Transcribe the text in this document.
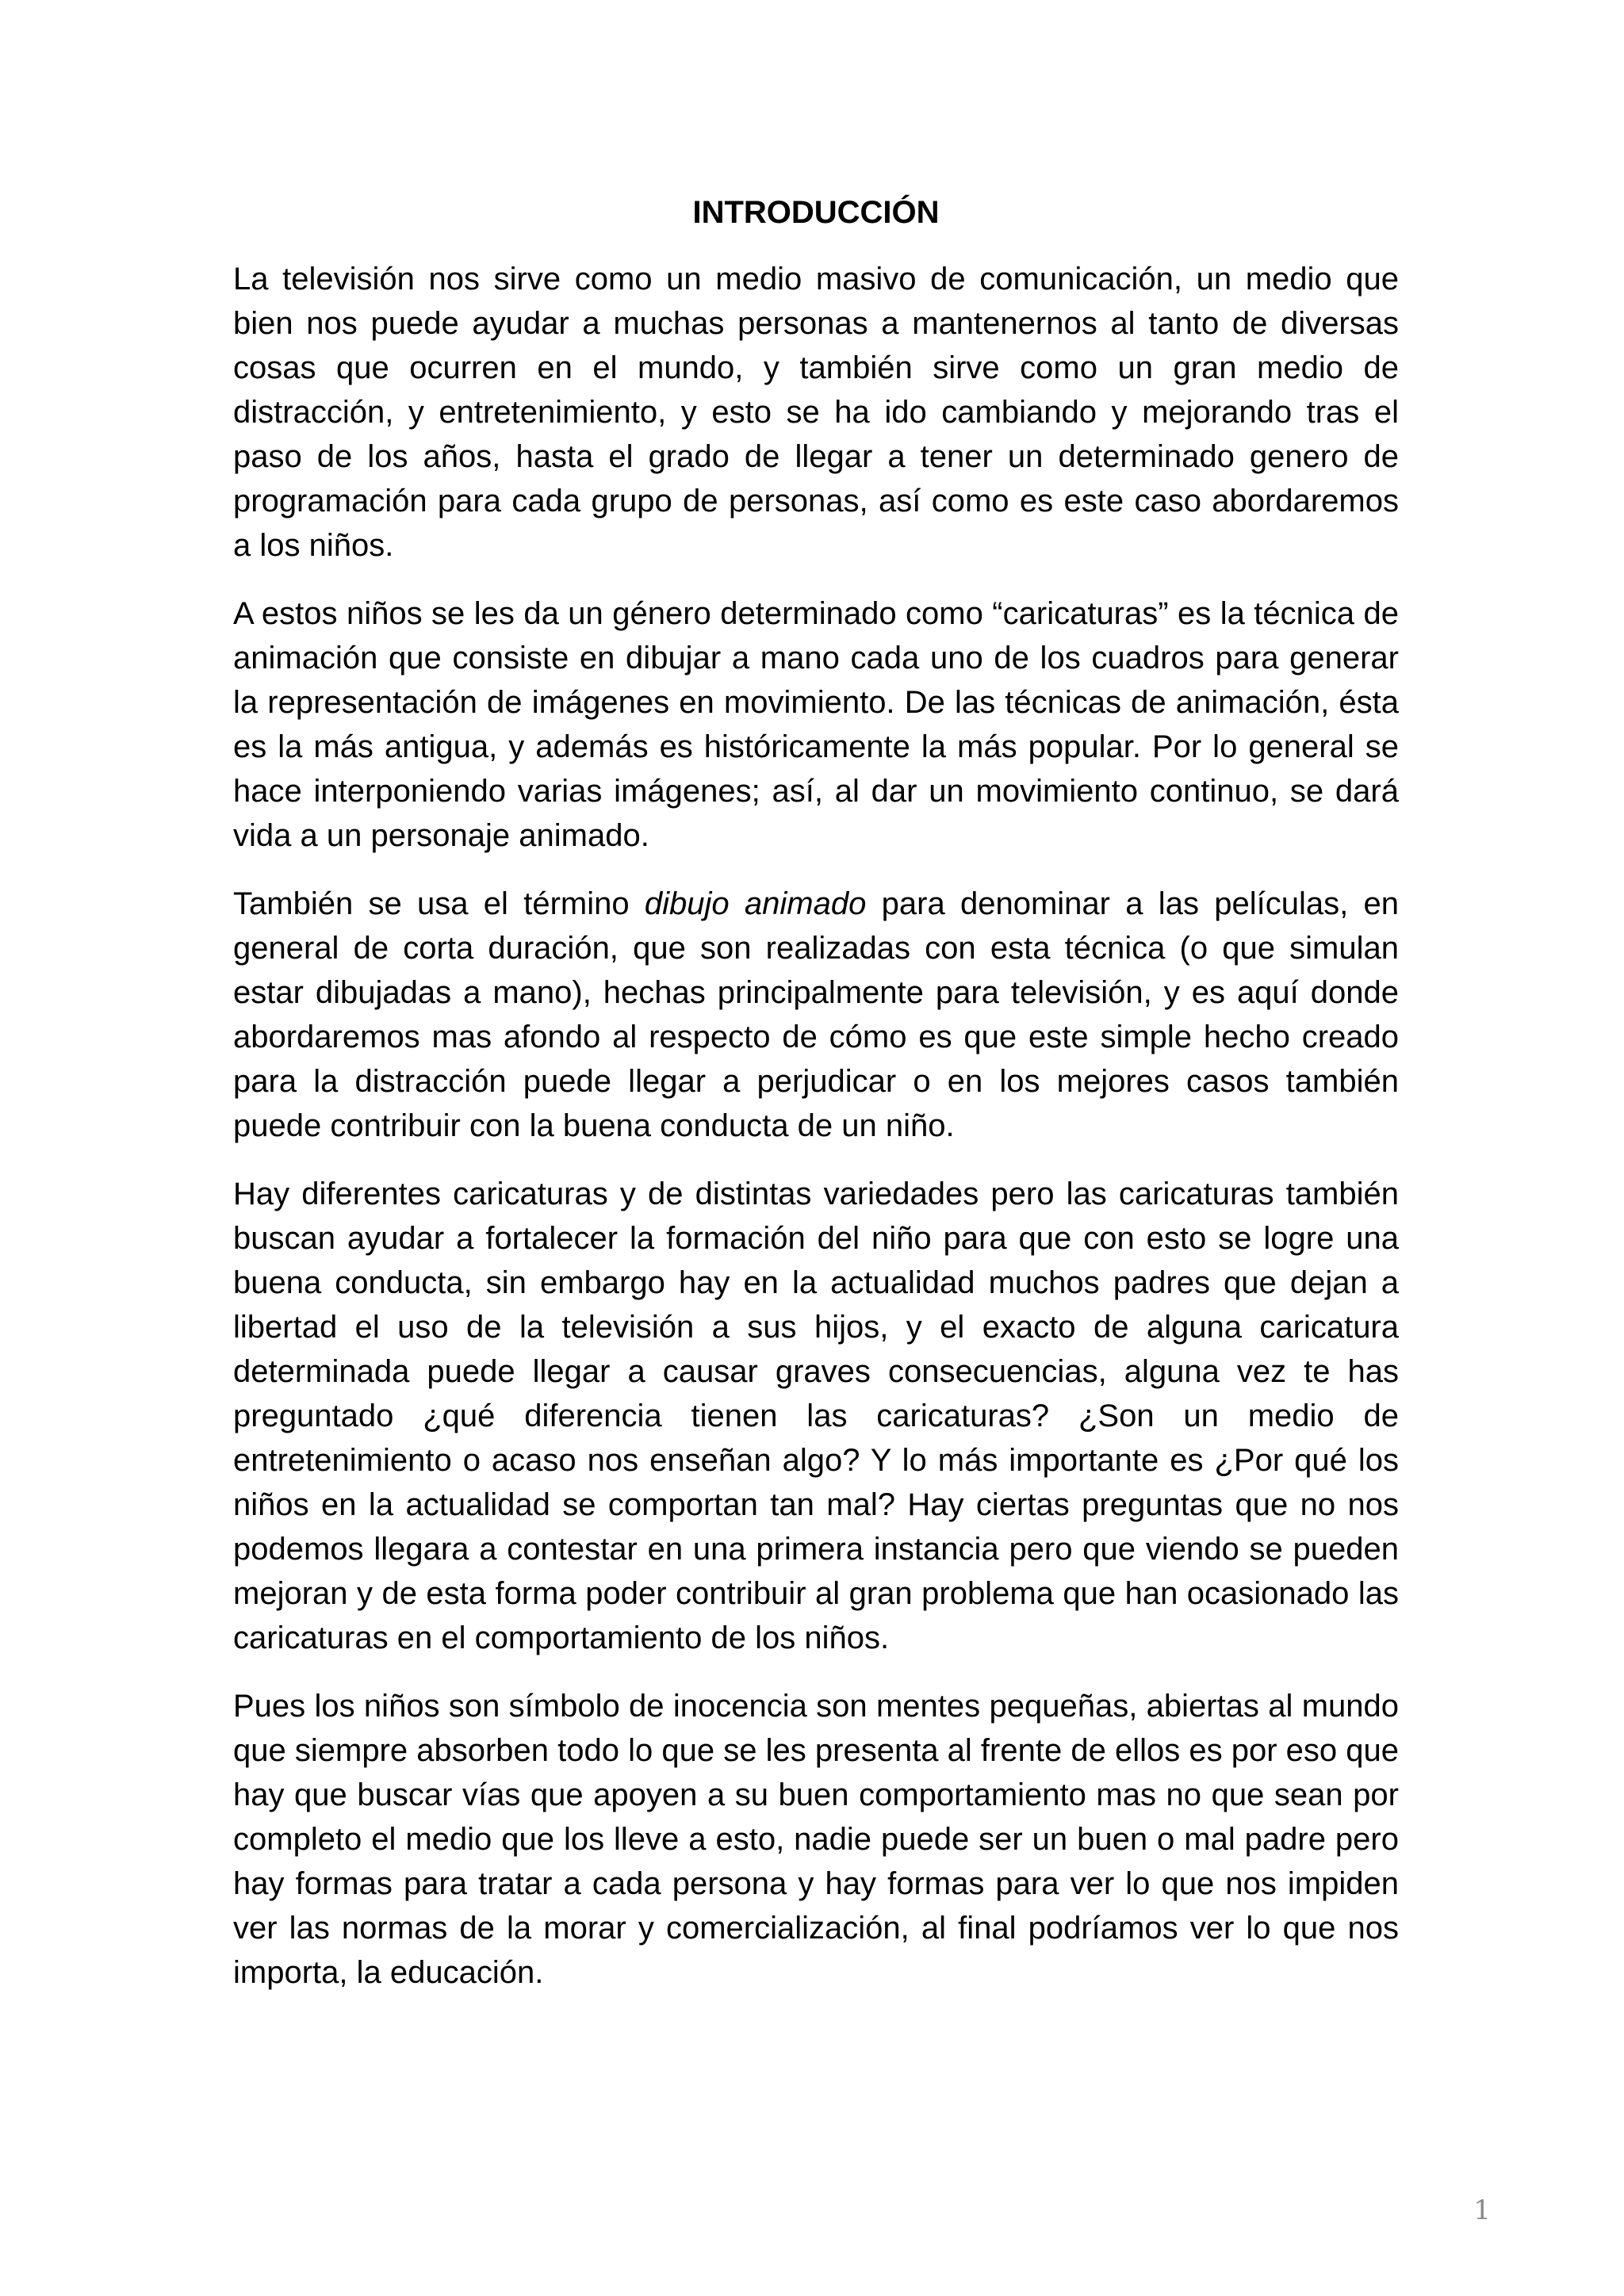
INTRODUCCIÓN

La televisión nos sirve como un medio masivo de comunicación, un medio que bien nos puede ayudar a muchas personas a mantenernos al tanto de diversas cosas que ocurren en el mundo, y también sirve como un gran medio de distracción, y entretenimiento, y esto se ha ido cambiando y mejorando tras el paso de los años, hasta el grado de llegar a tener un determinado genero de programación para cada grupo de personas, así como es este caso abordaremos a los niños.

A estos niños se les da un género determinado como “caricaturas” es la técnica de animación que consiste en dibujar a mano cada uno de los cuadros para generar la representación de imágenes en movimiento. De las técnicas de animación, ésta es la más antigua, y además es históricamente la más popular. Por lo general se hace interponiendo varias imágenes; así, al dar un movimiento continuo, se dará vida a un personaje animado.

También se usa el término dibujo animado para denominar a las películas, en general de corta duración, que son realizadas con esta técnica (o que simulan estar dibujadas a mano), hechas principalmente para televisión, y es aquí donde abordaremos mas afondo al respecto de cómo es que este simple hecho creado para la distracción puede llegar a perjudicar o en los mejores casos también puede contribuir con la buena conducta de un niño.

Hay diferentes caricaturas y de distintas variedades pero las caricaturas también buscan ayudar a fortalecer la formación del niño para que con esto se logre una buena conducta, sin embargo hay en la actualidad muchos padres que dejan a libertad el uso de la televisión a sus hijos, y el exacto de alguna caricatura determinada puede llegar a causar graves consecuencias, alguna vez te has preguntado ¿qué diferencia tienen las caricaturas? ¿Son un medio de entretenimiento o acaso nos enseñan algo? Y lo más importante es ¿Por qué los niños en la actualidad se comportan tan mal? Hay ciertas preguntas que no nos podemos llegara a contestar en una primera instancia pero que viendo se pueden mejoran y de esta forma poder contribuir al gran problema que han ocasionado las caricaturas en el comportamiento de los niños.

Pues los niños son símbolo de inocencia son mentes pequeñas, abiertas al mundo que siempre absorben todo lo que se les presenta al frente de ellos es por eso que hay que buscar vías que apoyen a su buen comportamiento mas no que sean por completo el medio que los lleve a esto, nadie puede ser un buen o mal padre pero hay formas para tratar a cada persona y hay formas para ver lo que nos impiden ver las normas de la morar y comercialización, al final podríamos ver lo que nos importa, la educación.

1
